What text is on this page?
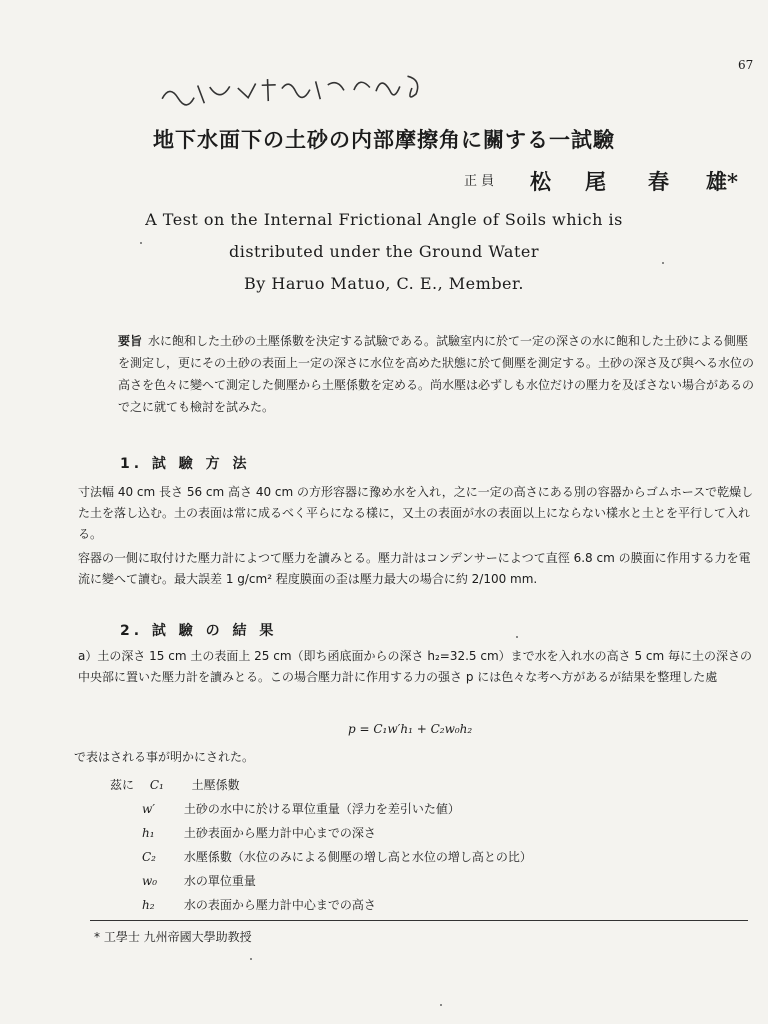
67
地下水面下の土砂の内部摩擦角に關する一試驗
正 員 松 尾 春 雄*
A Test on the Internal Frictional Angle of Soils which is
distributed under the Ground Water
By Haruo Matuo, C. E., Member.
要旨 水に飽和した土砂の土壓係數を決定する試驗である。試驗室内に於て一定の深さの水に飽和した土砂による側壓を測定し，更にその土砂の表面上一定の深さに水位を高めた狀態に於て側壓を測定する。土砂の深さ及び與へる水位の高さを色々に變へて測定した側壓から土壓係數を定める。尚水壓は必ずしも水位だけの壓力を及ぼさない場合があるので之に就ても檢討を試みた。
1. 試 驗 方 法
寸法幅 40 cm 長さ 56 cm 高さ 40 cm の方形容器に豫め水を入れ，之に一定の高さにある別の容器からゴムホースで乾燥した土を落し込む。土の表面は常に成るべく平らになる樣に，又土の表面が水の表面以上にならない樣水と土とを平行して入れる。
容器の一側に取付けた壓力計によつて壓力を讀みとる。壓力計はコンデンサーによつて直徑 6.8 cm の膜面に作用する力を電流に變へて讀む。最大誤差 1 g/cm² 程度膜面の歪は壓力最大の場合に約 2/100 mm.
2. 試 驗 の 結 果
a）土の深さ 15 cm 土の表面上 25 cm（即ち函底面からの深さ h₂=32.5 cm）まで水を入れ水の高さ 5 cm 毎に土の深さの中央部に置いた壓力計を讀みとる。この場合壓力計に作用する力の强さ p には色々な考へ方があるが結果を整理した處
p = C₁w′h₁ + C₂w₀h₂
で表はされる事が明かにされた。
茲に C₁ 土壓係數
w′ 土砂の水中に於ける單位重量（浮力を差引いた値）
h₁ 土砂表面から壓力計中心までの深さ
C₂ 水壓係數（水位のみによる側壓の增し高と水位の增し高との比）
w₀ 水の單位重量
h₂ 水の表面から壓力計中心までの高さ
* 工學士 九州帝國大學助教授
